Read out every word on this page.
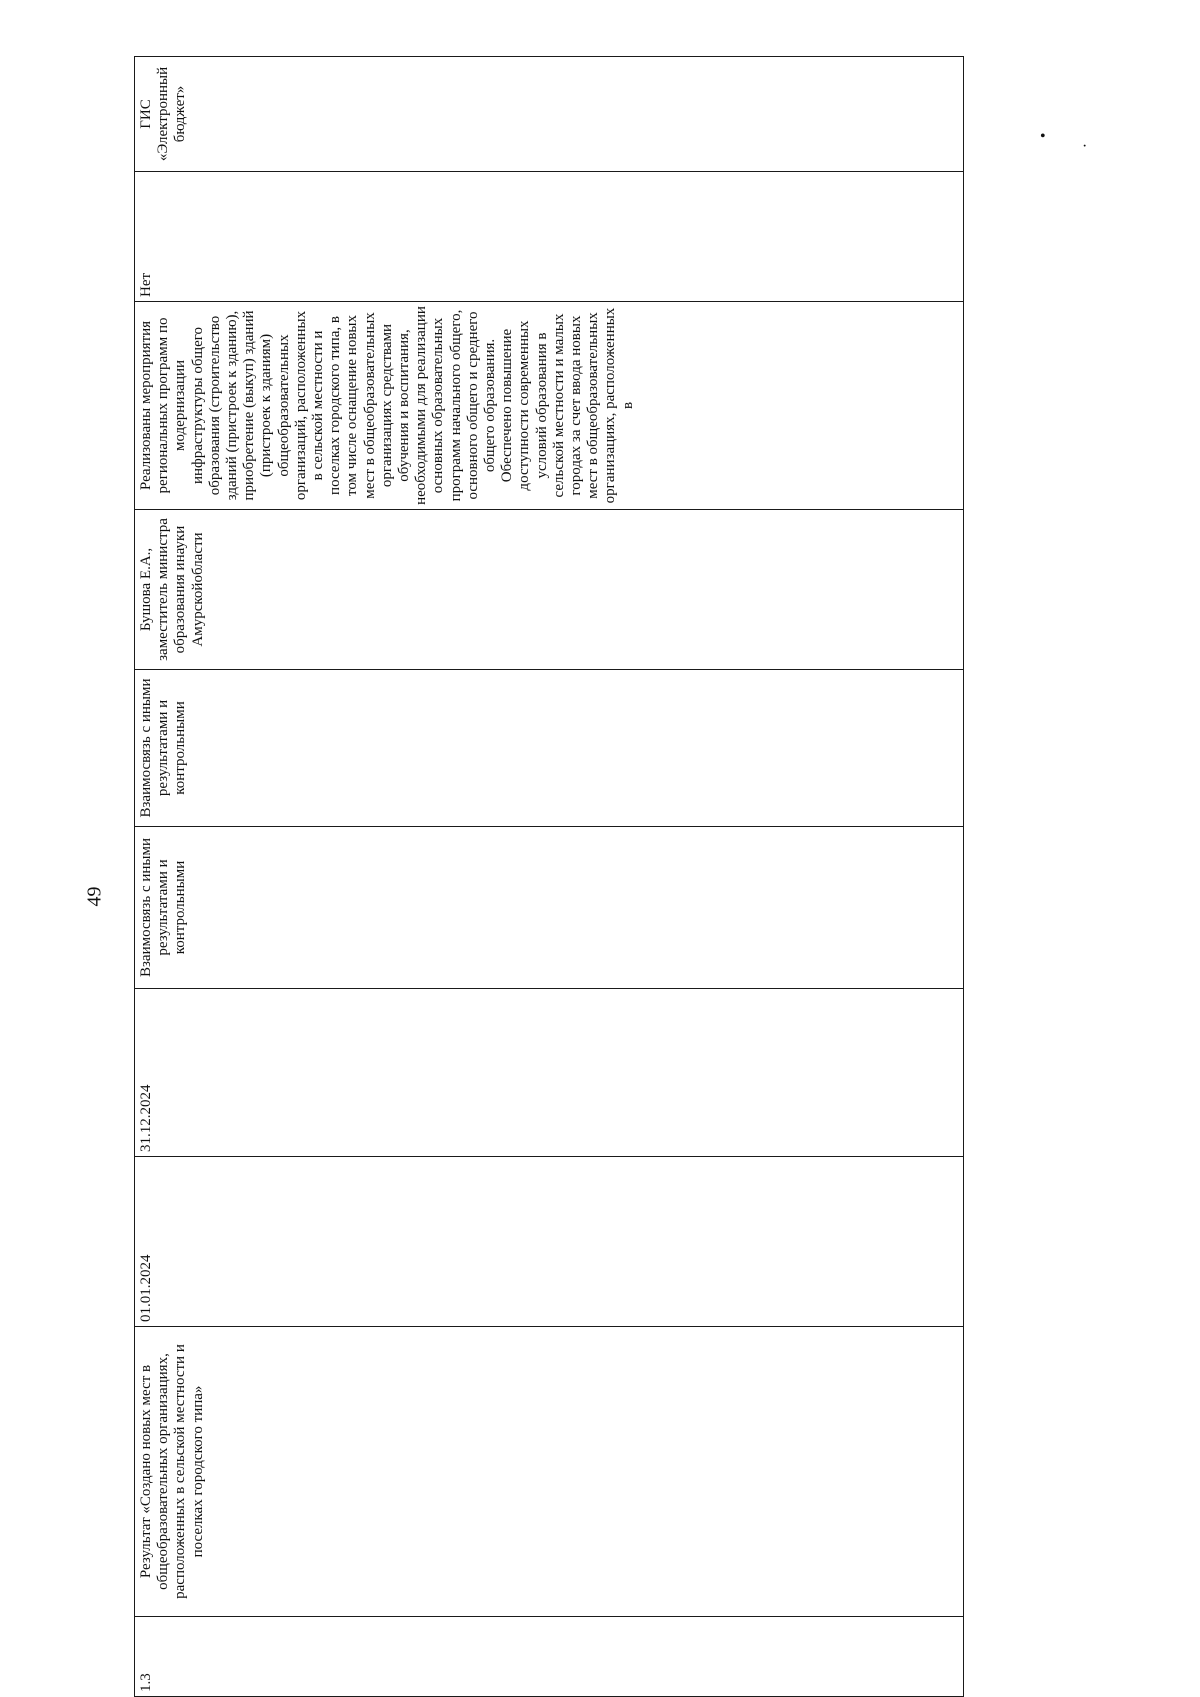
49
1.3	Результат «Создано новых мест в общеобразовательных организациях, расположенных в сельской местности и поселках городского типа»	01.01.2024	31.12.2024	Взаимосвязь с иными результатами и контрольными	Взаимосвязь с иными результатами и контрольными	Бушова Е.А., заместитель министра образования инауки Амурскойобласти	Реализованы мероприятия региональных программ по модернизации инфраструктуры общего образования (строительство зданий (пристроек к зданию), приобретение (выкуп) зданий (пристроек к зданиям) общеобразовательных организаций, расположенных в сельской местности и поселках городского типа, в том числе оснащение новых мест в общеобразовательных организациях средствами обучения и воспитания, необходимыми для реализации основных образовательных программ начального общего, основного общего и среднего общего образования. Обеспечено повышение доступности современных условий образования в сельской местности и малых городах за счет ввода новых мест в общеобразовательных организациях, расположенных в	Нет	ГИС «Электронный бюджет»	•
·
